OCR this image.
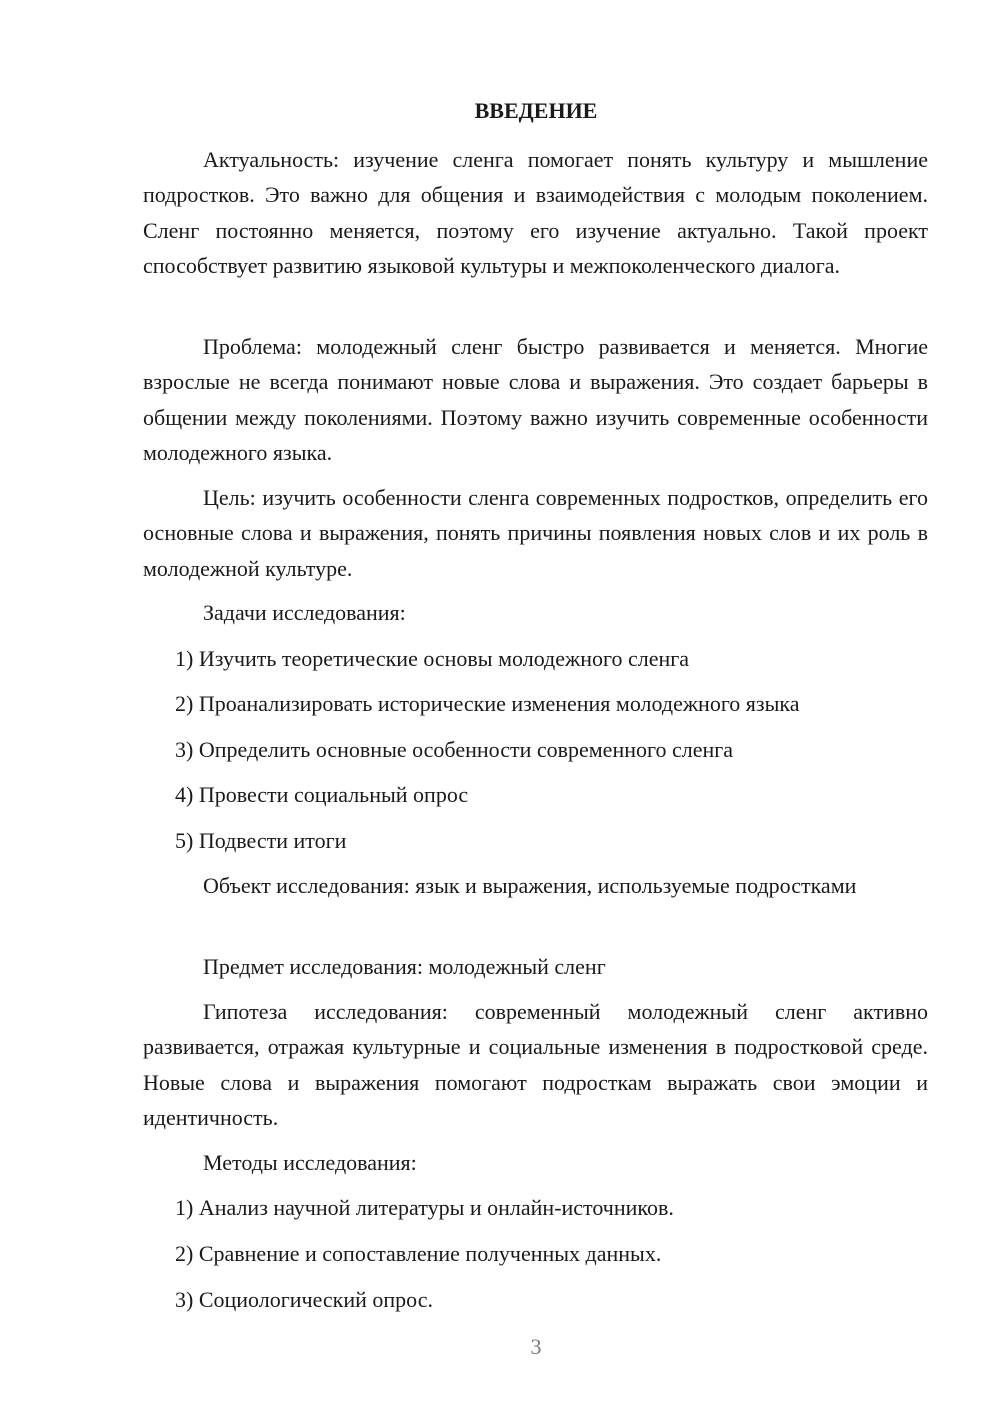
ВВЕДЕНИЕ

Актуальность: изучение сленга помогает понять культуру и мышление подростков. Это важно для общения и взаимодействия с молодым поколением. Сленг постоянно меняется, поэтому его изучение актуально. Такой проект способствует развитию языковой культуры и межпоколенческого диалога.

Проблема: молодежный сленг быстро развивается и меняется. Многие взрослые не всегда понимают новые слова и выражения. Это создает барьеры в общении между поколениями. Поэтому важно изучить современные особенности молодежного языка.

Цель: изучить особенности сленга современных подростков, определить его основные слова и выражения, понять причины появления новых слов и их роль в молодежной культуре.

Задачи исследования:
1) Изучить теоретические основы молодежного сленга
2) Проанализировать исторические изменения молодежного языка
3) Определить основные особенности современного сленга
4) Провести социальный опрос
5) Подвести итоги

Объект исследования: язык и выражения, используемые подростками

Предмет исследования: молодежный сленг

Гипотеза исследования: современный молодежный сленг активно развивается, отражая культурные и социальные изменения в подростковой среде. Новые слова и выражения помогают подросткам выражать свои эмоции и идентичность.

Методы исследования:
1) Анализ научной литературы и онлайн-источников.
2) Сравнение и сопоставление полученных данных.
3) Социологический опрос.
3
